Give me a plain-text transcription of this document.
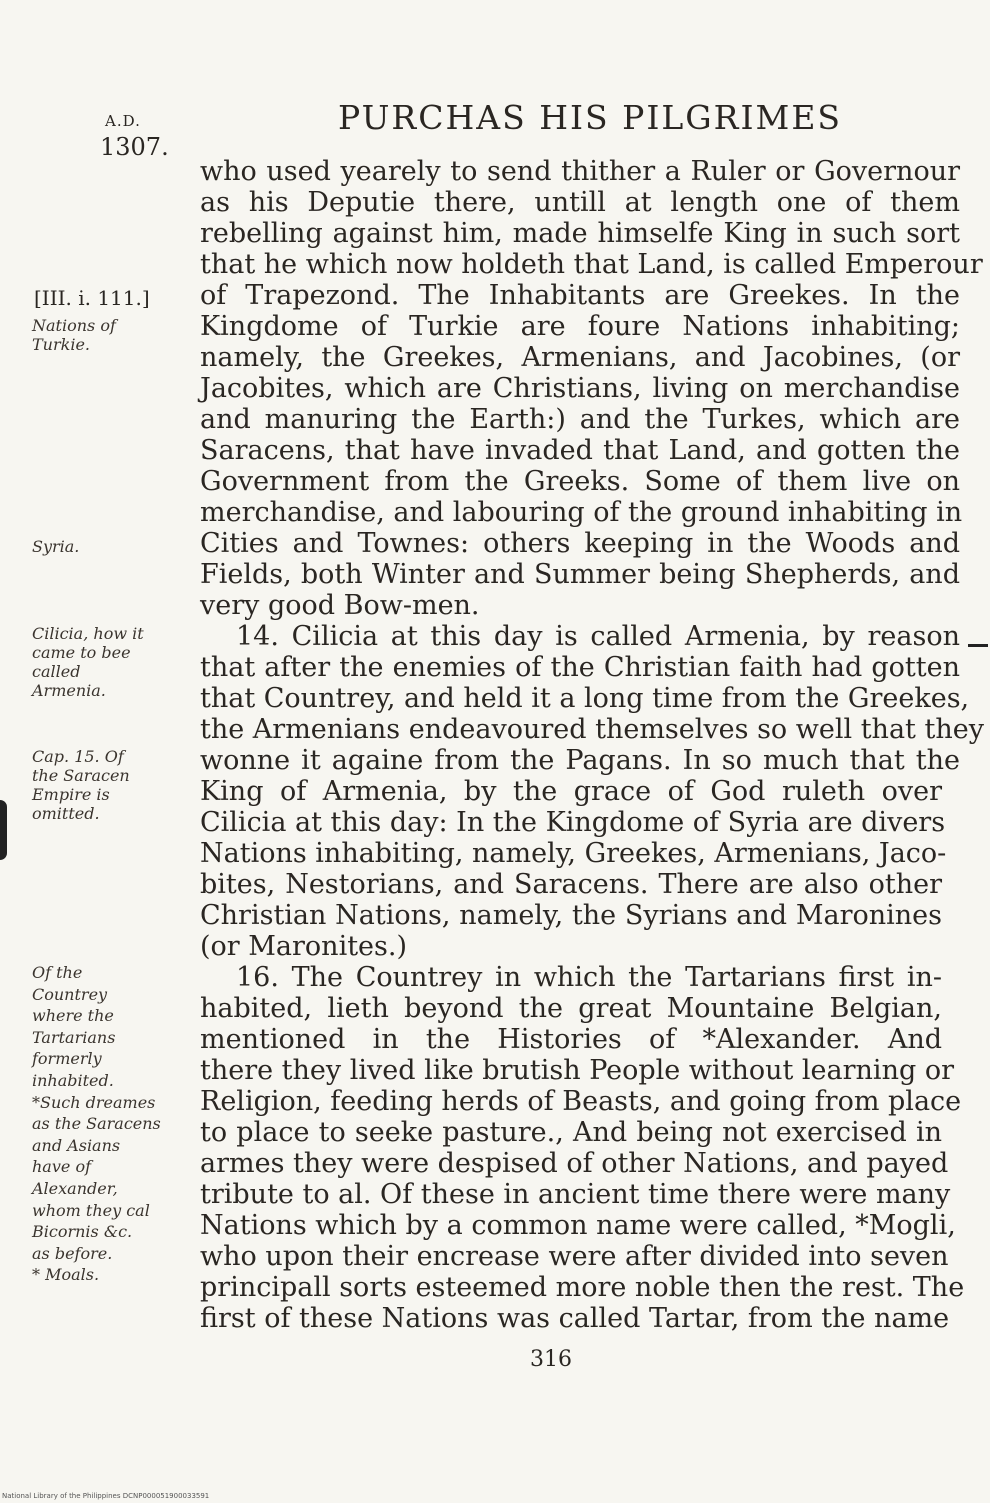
A.D.
1307.
PURCHAS HIS PILGRIMES
[III. i. 111.]
Nations of
Turkie.
Syria.
Cilicia, how it
came to bee
called
Armenia.
Cap. 15. Of
the Saracen
Empire is
omitted.
Of the
Countrey
where the
Tartarians
formerly
inhabited.
*Such dreames
as the Saracens
and Asians
have of
Alexander,
whom they cal
Bicornis &c.
as before.
* Moals.
who used yearely to send thither a Ruler or Governour
as his Deputie there, untill at length one of them
rebelling against him, made himselfe King in such sort
that he which now holdeth that Land, is called Emperour
of Trapezond. The Inhabitants are Greekes. In the
Kingdome of Turkie are foure Nations inhabiting;
namely, the Greekes, Armenians, and Jacobines, (or
Jacobites, which are Christians, living on merchandise
and manuring the Earth:) and the Turkes, which are
Saracens, that have invaded that Land, and gotten the
Government from the Greeks. Some of them live on
merchandise, and labouring of the ground inhabiting in
Cities and Townes: others keeping in the Woods and
Fields, both Winter and Summer being Shepherds, and
very good Bow-men.
14. Cilicia at this day is called Armenia, by reason
that after the enemies of the Christian faith had gotten
that Countrey, and held it a long time from the Greekes,
the Armenians endeavoured themselves so well that they
wonne it againe from the Pagans. In so much that the
King of Armenia, by the grace of God ruleth over
Cilicia at this day: In the Kingdome of Syria are divers
Nations inhabiting, namely, Greekes, Armenians, Jaco-
bites, Nestorians, and Saracens. There are also other
Christian Nations, namely, the Syrians and Maronines
(or Maronites.)
16. The Countrey in which the Tartarians first in-
habited, lieth beyond the great Mountaine Belgian,
mentioned in the Histories of *Alexander. And
there they lived like brutish People without learning or
Religion, feeding herds of Beasts, and going from place
to place to seeke pasture., And being not exercised in
armes they were despised of other Nations, and payed
tribute to al. Of these in ancient time there were many
Nations which by a common name were called, *Mogli,
who upon their encrease were after divided into seven
principall sorts esteemed more noble then the rest. The
first of these Nations was called Tartar, from the name
316
National Library of the Philippines DCNP000051900033591
